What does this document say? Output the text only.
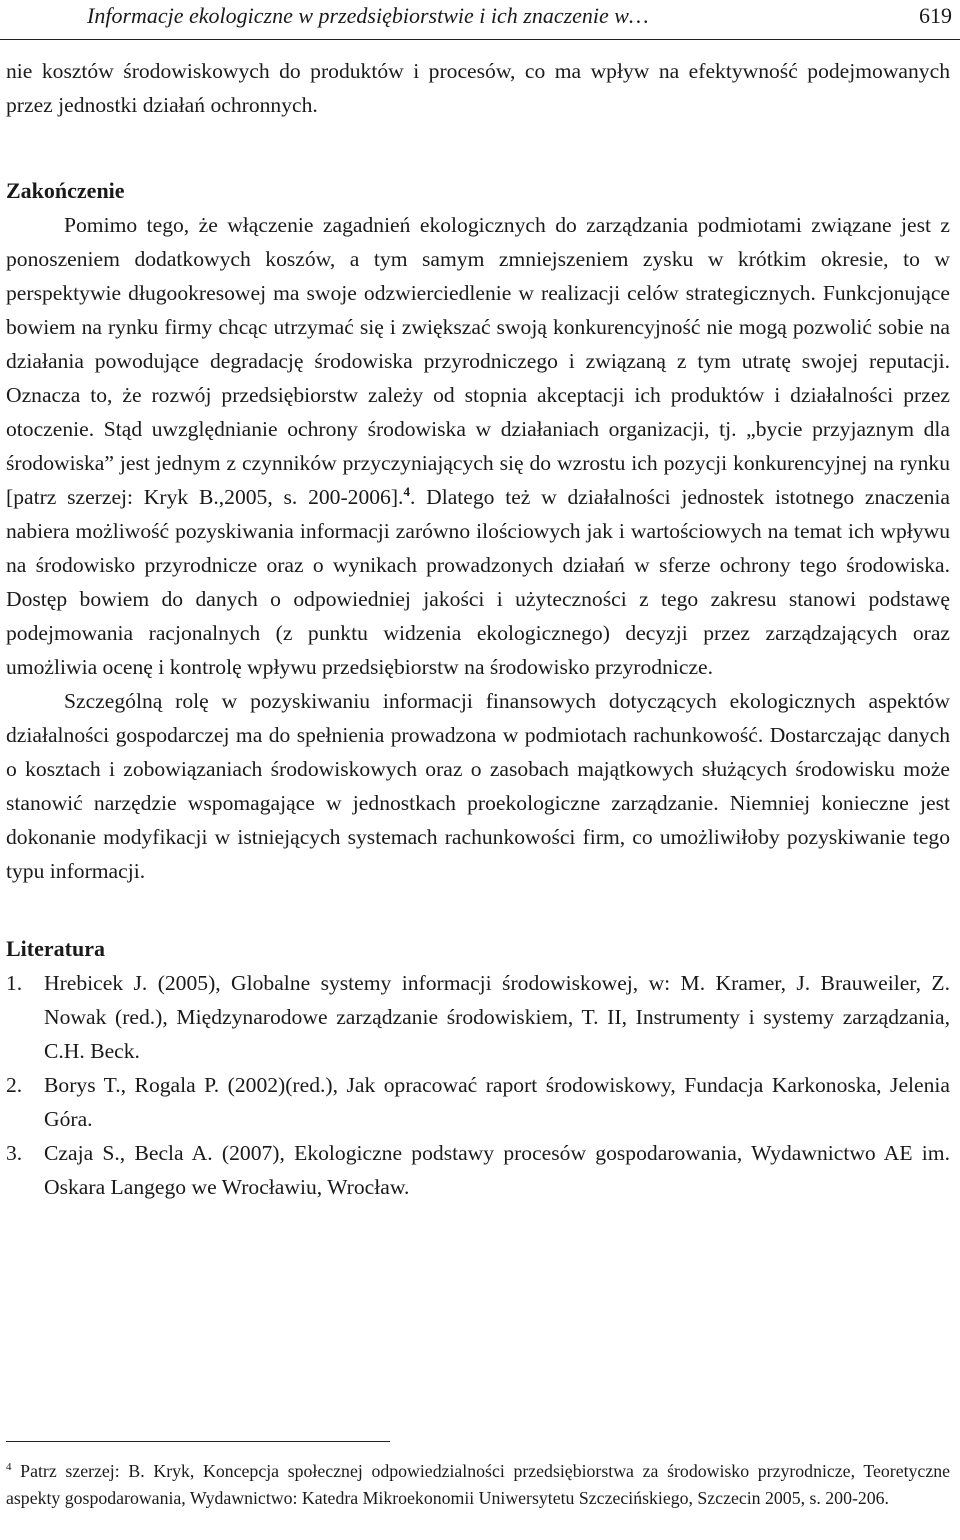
Informacje ekologiczne w przedsiębiorstwie i ich znaczenie w…	619

nie kosztów środowiskowych do produktów i procesów, co ma wpływ na efektywność podejmowanych przez jednostki działań ochronnych.

Zakończenie

Pomimo tego, że włączenie zagadnień ekologicznych do zarządzania podmiotami związane jest z ponoszeniem dodatkowych koszów, a tym samym zmniejszeniem zysku w krótkim okresie, to w perspektywie długookresowej ma swoje odzwierciedlenie w realizacji celów strategicznych. Funkcjonujące bowiem na rynku firmy chcąc utrzymać się i zwiększać swoją konkurencyjność nie mogą pozwolić sobie na działania powodujące degradację środowiska przyrodniczego i związaną z tym utratę swojej reputacji. Oznacza to, że rozwój przedsiębiorstw zależy od stopnia akceptacji ich produktów i działalności przez otoczenie. Stąd uwzględnianie ochrony środowiska w działaniach organizacji, tj. „bycie przyjaznym dla środowiska” jest jednym z czynników przyczyniających się do wzrostu ich pozycji konkurencyjnej na rynku [patrz szerzej: Kryk B.,2005, s. 200-2006].$^4$. Dlatego też w działalności jednostek istotnego znaczenia nabiera możliwość pozyskiwania informacji zarówno ilościowych jak i wartościowych na temat ich wpływu na środowisko przyrodnicze oraz o wynikach prowadzonych działań w sferze ochrony tego środowiska. Dostęp bowiem do danych o odpowiedniej jakości i użyteczności z tego zakresu stanowi podstawę podejmowania racjonalnych (z punktu widzenia ekologicznego) decyzji przez zarządzających oraz umożliwia ocenę i kontrolę wpływu przedsiębiorstw na środowisko przyrodnicze.

Szczególną rolę w pozyskiwaniu informacji finansowych dotyczących ekologicznych aspektów działalności gospodarczej ma do spełnienia prowadzona w podmiotach rachunkowość. Dostarczając danych o kosztach i zobowiązaniach środowiskowych oraz o zasobach majątkowych służących środowisku może stanowić narzędzie wspomagające w jednostkach proekologiczne zarządzanie. Niemniej konieczne jest dokonanie modyfikacji w istniejących systemach rachunkowości firm, co umożliwiłoby pozyskiwanie tego typu informacji.

Literatura
1. Hrebicek J. (2005), Globalne systemy informacji środowiskowej, w: M. Kramer, J. Brauweiler, Z. Nowak (red.), Międzynarodowe zarządzanie środowiskiem, T. II, Instrumenty i systemy zarządzania, C.H. Beck.
2. Borys T., Rogala P. (2002)(red.), Jak opracować raport środowiskowy, Fundacja Karkonoska, Jelenia Góra.
3. Czaja S., Becla A. (2007), Ekologiczne podstawy procesów gospodarowania, Wydawnictwo AE im. Oskara Langego we Wrocławiu, Wrocław.
$^4$ Patrz szerzej: B. Kryk, Koncepcja społecznej odpowiedzialności przedsiębiorstwa za środowisko przyrodnicze, Teoretyczne aspekty gospodarowania, Wydawnictwo: Katedra Mikroekonomii Uniwersytetu Szczecińskiego, Szczecin 2005, s. 200-206.
